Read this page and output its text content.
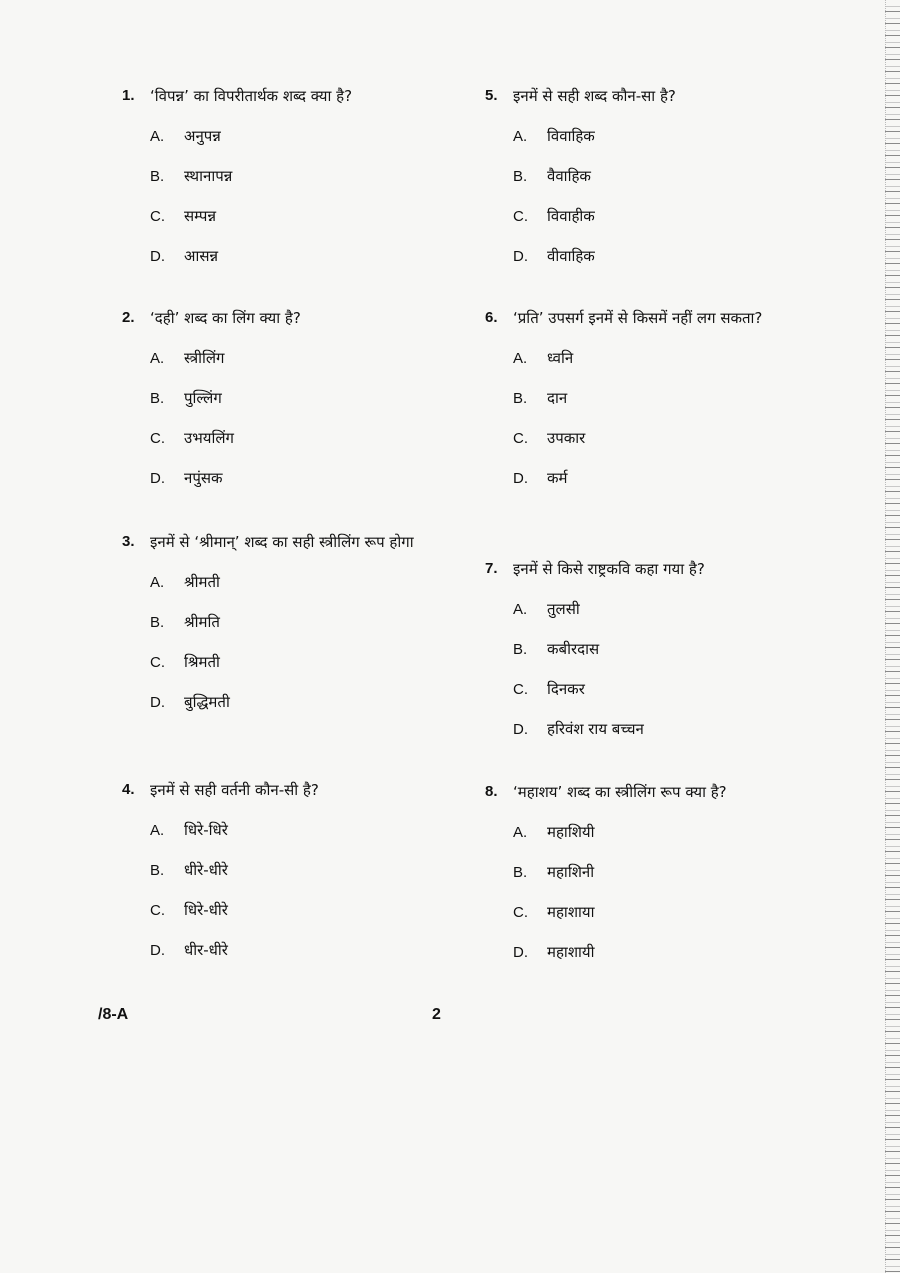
1.	‘विपन्न’ का विपरीतार्थक शब्द क्या है?
A.	अनुपन्न
B.	स्थानापन्न
C.	सम्पन्न
D.	आसन्न
2.	‘दही’ शब्द का लिंग क्या है?
A.	स्त्रीलिंग
B.	पुल्लिंग
C.	उभयलिंग
D.	नपुंसक
3.	इनमें से ‘श्रीमान्’ शब्द का सही स्त्रीलिंग रूप होगा
A.	श्रीमती
B.	श्रीमति
C.	श्रिमती
D.	बुद्धिमती
4.	इनमें से सही वर्तनी कौन-सी है?
A.	धिरे-धिरे
B.	धीरे-धीरे
C.	धिरे-धीरे
D.	धीर-धीरे
5.	इनमें से सही शब्द कौन-सा है?
A.	विवाहिक
B.	वैवाहिक
C.	विवाहीक
D.	वीवाहिक
6.	‘प्रति’ उपसर्ग इनमें से किसमें नहीं लग सकता?
A.	ध्वनि
B.	दान
C.	उपकार
D.	कर्म
7.	इनमें से किसे राष्ट्रकवि कहा गया है?
A.	तुलसी
B.	कबीरदास
C.	दिनकर
D.	हरिवंश राय बच्चन
8.	‘महाशय’ शब्द का स्त्रीलिंग रूप क्या है?
A.	महाशियी
B.	महाशिनी
C.	महाशाया
D.	महाशायी
/8-A	2
